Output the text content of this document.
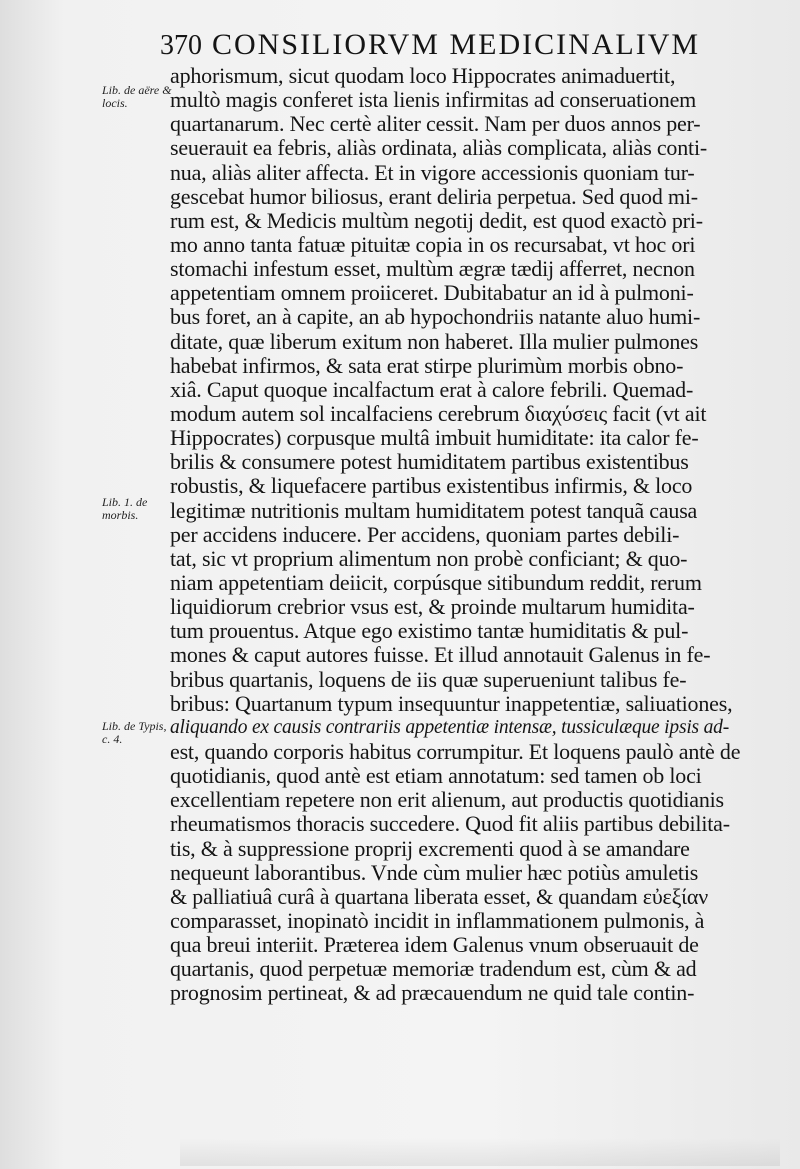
370 CONSILIORVM MEDICINALIVM
Lib. de aëre & locis.
Lib. 1. de morbis.
Lib. de Typis, c. 4.
aphorismum, sicut quodam loco Hippocrates animaduertit,
multò magis conferet ista lienis infirmitas ad conseruationem
quartanarum. Nec certè aliter cessit. Nam per duos annos per-
seuerauit ea febris, aliàs ordinata, aliàs complicata, aliàs conti-
nua, aliàs aliter affecta. Et in vigore accessionis quoniam tur-
gescebat humor biliosus, erant deliria perpetua. Sed quod mi-
rum est, & Medicis multùm negotij dedit, est quod exactò pri-
mo anno tanta fatuæ pituitæ copia in os recursabat, vt hoc ori
stomachi infestum esset, multùm ægræ tædij afferret, necnon
appetentiam omnem proiiceret. Dubitabatur an id à pulmoni-
bus foret, an à capite, an ab hypochondriis natante aluo humi-
ditate, quæ liberum exitum non haberet. Illa mulier pulmones
habebat infirmos, & sata erat stirpe plurimùm morbis obno-
xiâ. Caput quoque incalfactum erat à calore febrili. Quemad-
modum autem sol incalfaciens cerebrum διαχύσεις facit (vt ait
Hippocrates) corpusque multâ imbuit humiditate: ita calor fe-
brilis & consumere potest humiditatem partibus existentibus
robustis, & liquefacere partibus existentibus infirmis, & loco
legitimæ nutritionis multam humiditatem potest tanquã causa
per accidens inducere. Per accidens, quoniam partes debili-
tat, sic vt proprium alimentum non probè conficiant; & quo-
niam appetentiam deiicit, corpúsque sitibundum reddit, rerum
liquidiorum crebrior vsus est, & proinde multarum humidita-
tum prouentus. Atque ego existimo tantæ humiditatis & pul-
mones & caput autores fuisse. Et illud annotauit Galenus in fe-
bribus quartanis, loquens de iis quæ superueniunt talibus fe-
bribus: Quartanum typum insequuntur inappetentiæ, saliuationes,
aliquando ex causis contrariis appetentiæ intensæ, tussiculæque ipsis ad-
est, quando corporis habitus corrumpitur. Et loquens paulò antè de
quotidianis, quod antè est etiam annotatum: sed tamen ob loci
excellentiam repetere non erit alienum, aut productis quotidianis
rheumatismos thoracis succedere. Quod fit aliis partibus debilita-
tis, & à suppressione proprij excrementi quod à se amandare
nequeunt laborantibus. Vnde cùm mulier hæc potiùs amuletis
& palliatiuâ curâ à quartana liberata esset, & quandam εὐεξίαν
comparasset, inopinatò incidit in inflammationem pulmonis, à
qua breui interiit. Præterea idem Galenus vnum obseruauit de
quartanis, quod perpetuæ memoriæ tradendum est, cùm & ad
prognosim pertineat, & ad præcauendum ne quid tale contin-
